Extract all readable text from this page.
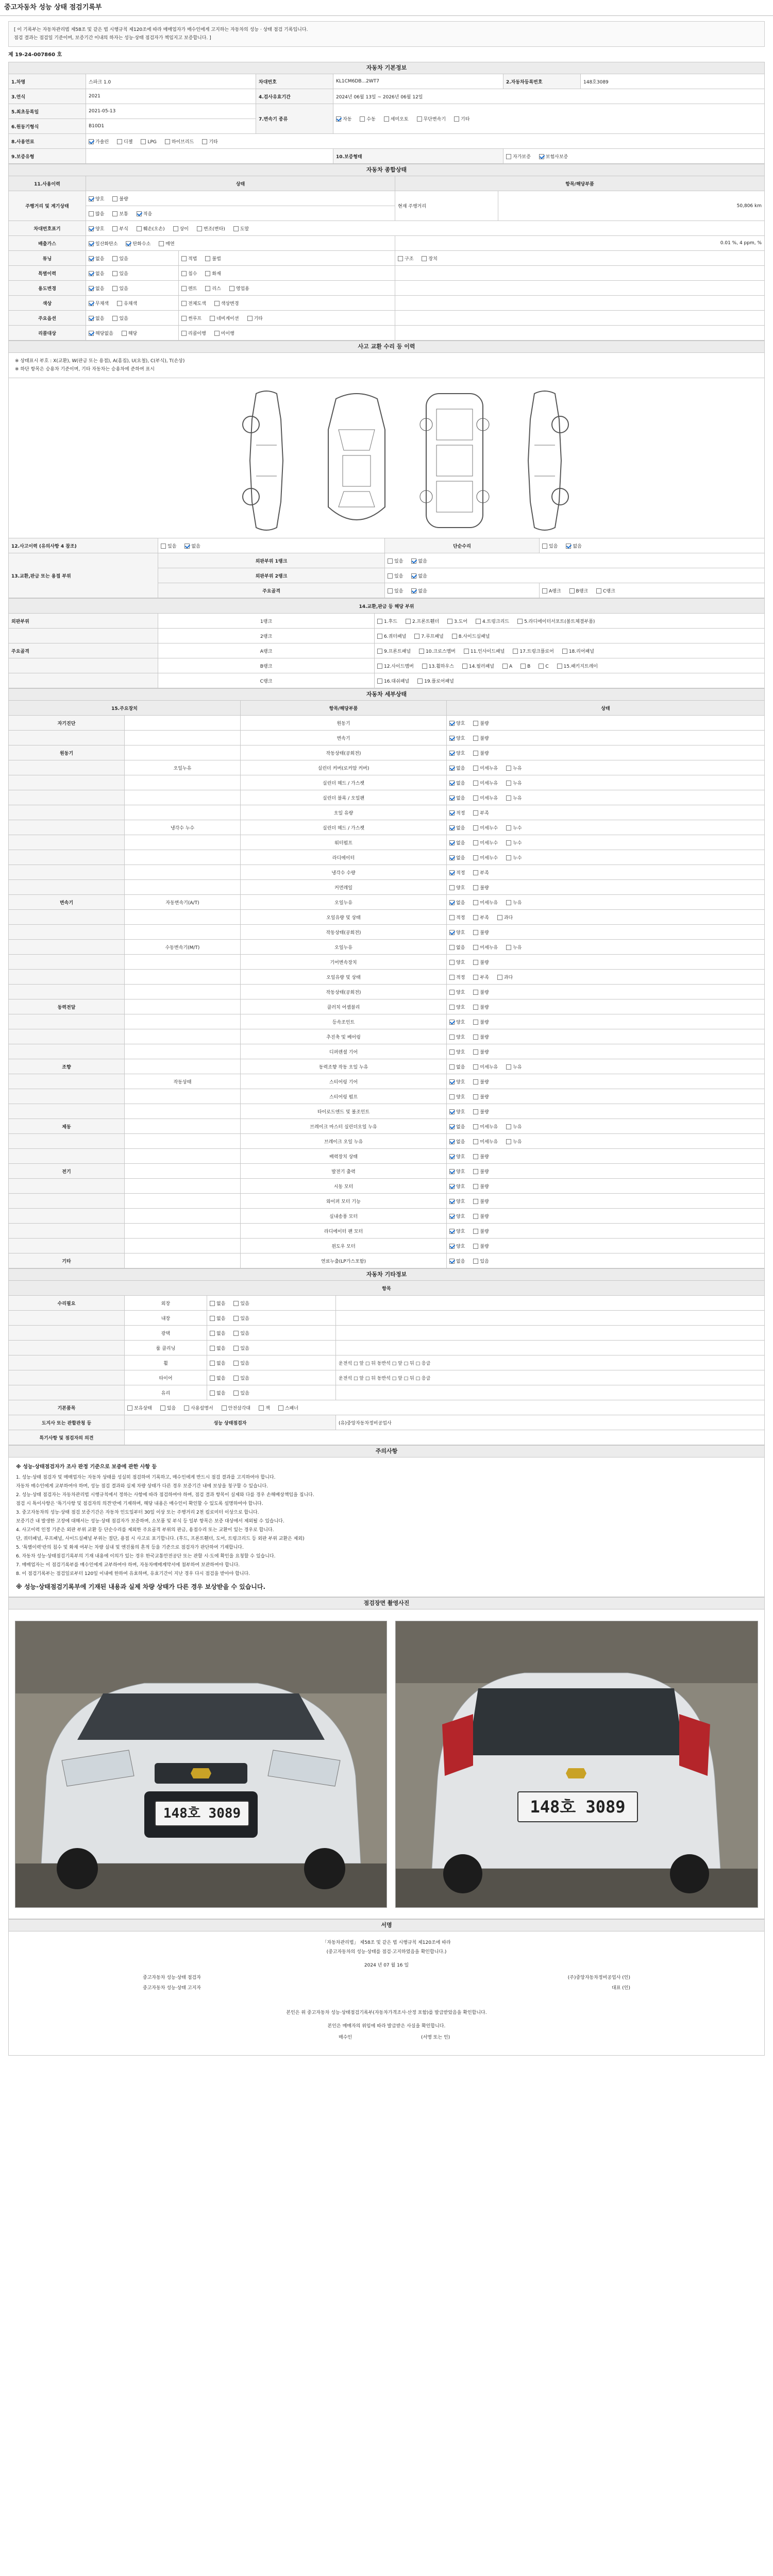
중고자동차 성능 상태 점검기록부
[ 이 기록부는 자동차관리법 제58조 및 같은 법 시행규칙 제120조에 따라 매매업자가 매수인에게 고지하는 자동차의 성능 · 상태 점검 기록입니다.
점검 결과는 점검일 기준이며, 보증기간 이내의 하자는 성능·상태 점검자가 책임지고 보증합니다. ]
제 19-24-007860 호
자동차 기본정보
1.차명	스파크 1.0	차대번호	KL1CM6DB...2WT7	2.자동차등록번호	148호3089
3.연식	2021	4.검사유효기간	2024년 06월 13일 ~ 2026년 06월 12일		
5.최초등록일	2021-05-13	7.변속기 종류	자동 수동 세미오토 무단변속기 기타		
6.원동기형식	B10D1				
8.사용연료	가솔린 디젤 LPG 하이브리드 기타				
9.보증유형			10.보증형태	자가보증 보험사보증	
자동차 종합상태
11.사용이력	상태		항목/해당부품	
주행거리 및 계기상태	양호 불량		현재 주행거리	50,806 km
	많음 보통 적음			
차대번호표기	양호 부식 훼손(오손) 상이 변조(변타) 도말			
배출가스	일산화탄소 탄화수소 매연		0.01 %, 4 ppm, %	
튜닝	없음 있음	적법 불법	구조 장치	
특별이력	없음 있음	침수 화재		
용도변경	없음 있음	렌트 리스 영업용		
색상	무채색 유채색	전체도색 색상변경		
주요옵션	없음 있음	썬루프 네비게이션 기타		
리콜대상	해당없음 해당	리콜이행 미이행		
사고 교환 수리 등 이력
※ 상태표시 부호 : X(교환), W(판금 또는 용접), A(흠집), U(요철), C(부식), T(손상)
※ 하단 항목은 승용차 기준이며, 기타 자동차는 승용차에 준하여 표시
12.사고이력 (유의사항 4 참조)	있음 없음	단순수리	있음 없음
13.교환,판금 또는 용접 부위	외판부위 1랭크	있음 없음	
	외판부위 2랭크	있음 없음	
	주요골격	있음 없음	A랭크 B랭크 C랭크
14.교환,판금 등 해당 부위		
외판부위	1랭크	1.후드 2.프론트휀더 3.도어 4.트렁크리드 5.라디에이터서포트(볼트체결부품)
	2랭크	6.쿼터패널 7.루프패널 8.사이드실패널
주요골격	A랭크	9.프론트패널 10.크로스멤버 11.인사이드패널 17.트렁크플로어 18.리어패널
	B랭크	12.사이드멤버 13.휠하우스 14.필러패널 A B C 15.패키지트레이
	C랭크	16.대쉬패널 19.플로어패널
자동차 세부상태
15.주요장치		항목/해당부품	상태
자기진단		원동기	양호 불량
		변속기	양호 불량
원동기		작동상태(공회전)	양호 불량
	오일누유	실린더 커버(로커암 커버)	없음 미세누유 누유
		실린더 헤드 / 가스켓	없음 미세누유 누유
		실린더 블록 / 오일팬	없음 미세누유 누유
		오일 유량	적정 부족
	냉각수 누수	실린더 헤드 / 가스켓	없음 미세누수 누수
		워터펌프	없음 미세누수 누수
		라디에이터	없음 미세누수 누수
		냉각수 수량	적정 부족
		커먼레일	양호 불량
변속기	자동변속기(A/T)	오일누유	없음 미세누유 누유
		오일유량 및 상태	적정 부족 과다
		작동상태(공회전)	양호 불량
	수동변속기(M/T)	오일누유	없음 미세누유 누유
		기어변속장치	양호 불량
		오일유량 및 상태	적정 부족 과다
		작동상태(공회전)	양호 불량
동력전달		클러치 어셈블리	양호 불량
		등속조인트	양호 불량
		추진축 및 베어링	양호 불량
		디퍼렌셜 기어	양호 불량
조향		동력조향 작동 오일 누유	없음 미세누유 누유
	작동상태	스티어링 기어	양호 불량
		스티어링 펌프	양호 불량
		타이로드엔드 및 볼조인트	양호 불량
제동		브레이크 마스터 실린더오일 누유	없음 미세누유 누유
		브레이크 오일 누유	없음 미세누유 누유
		배력장치 상태	양호 불량
전기		발전기 출력	양호 불량
		시동 모터	양호 불량
		와이퍼 모터 기능	양호 불량
		실내송풍 모터	양호 불량
		라디에이터 팬 모터	양호 불량
		윈도우 모터	양호 불량
기타		연료누출(LP가스포함)	없음 있음
자동차 기타정보
항목			
수리필요	외장	없음 있음	
	내장	없음 있음	
	광택	없음 있음	
	룸 클리닝	없음 있음	
	휠	없음 있음	운전석 □ 앞 □ 뒤 동반석 □ 앞 □ 뒤 □ 응급
	타이어	없음 있음	운전석 □ 앞 □ 뒤 동반석 □ 앞 □ 뒤 □ 응급
	유리	없음 있음	
기본품목	보유상태 있음 사용설명서 안전삼각대 잭 스패너		
도지사 또는 관할관청 등	성능 상태점검자		(유)중앙자동차정비공업사
특기사항 및 점검자의 의견			
주의사항
※ 성능·상태점검자가 조사 판정 기준으로 보증에 관한 사항 등
1. 성능·상태 점검자 및 매매업자는 자동차 상태를 성실히 점검하여 기록하고, 매수인에게 반드시 점검 결과를 고지하여야 합니다.
자동차 매수인에게 교부하여야 하며, 성능 점검 결과와 실제 차량 상태가 다른 경우 보증기간 내에 보상을 청구할 수 있습니다.
2. 성능·상태 점검자는 자동차관리법 시행규칙에서 정하는 사항에 따라 점검하여야 하며, 점검 결과 항목이 실제와 다를 경우 손해배상책임을 집니다.
점검 시 특이사항은 '특기사항 및 점검자의 의견'란에 기재하며, 해당 내용은 매수인이 확인할 수 있도록 설명하여야 합니다.
3. 중고자동차의 성능·상태 점검 보증기간은 자동차 인도일부터 30일 이상 또는 주행거리 2천 킬로미터 이상으로 합니다.
보증기간 내 발생한 고장에 대해서는 성능·상태 점검자가 보증하며, 소모품 및 부식 등 일부 항목은 보증 대상에서 제외될 수 있습니다.
4. 사고이력 인정 기준은 외판 부위 교환 등 단순수리를 제외한 주요골격 부위의 판금, 용접수리 또는 교환이 있는 경우로 합니다.
단, 쿼터패널, 루프패널, 사이드실패널 부위는 절단, 용접 시 사고로 표기합니다. (후드, 프론트휀더, 도어, 트렁크리드 등 외판 부위 교환은 제외)
5. '특별이력'란의 침수 및 화재 여부는 차량 실내 및 엔진룸의 흔적 등을 기준으로 점검자가 판단하여 기재합니다.
6. 자동차 성능·상태점검기록부의 기재 내용에 이의가 있는 경우 한국교통안전공단 또는 관할 시·도에 확인을 요청할 수 있습니다.
7. 매매업자는 이 점검기록부를 매수인에게 교부하여야 하며, 자동차매매계약서에 첨부하여 보관하여야 합니다.
8. 이 점검기록부는 점검일로부터 120일 이내에 한하여 유효하며, 유효기간이 지난 경우 다시 점검을 받아야 합니다.
※ 성능·상태점검기록부에 기재된 내용과 실제 차량 상태가 다른 경우 보상받을 수 있습니다.
점검장면 촬영사진
148호 3089	148호 3089
서명
「자동차관리법」 제58조 및 같은 법 시행규칙 제120조에 따라
(중고자동차의 성능·상태를 점검·고지하였음을 확인합니다.)
2024 년 07 월 16 일
중고자동차 성능·상태 점검자	(주)중앙자동차정비공업사 (인)
중고자동차 성능·상태 고지자	대표 (인)
본인은 위 중고자동차 성능·상태점검기록부(자동차가격조사·산정 포함)를 발급받았음을 확인합니다.
본인은 매매자의 위임에 따라 발급받은 사실을 확인합니다.
매수인	(서명 또는 인)
